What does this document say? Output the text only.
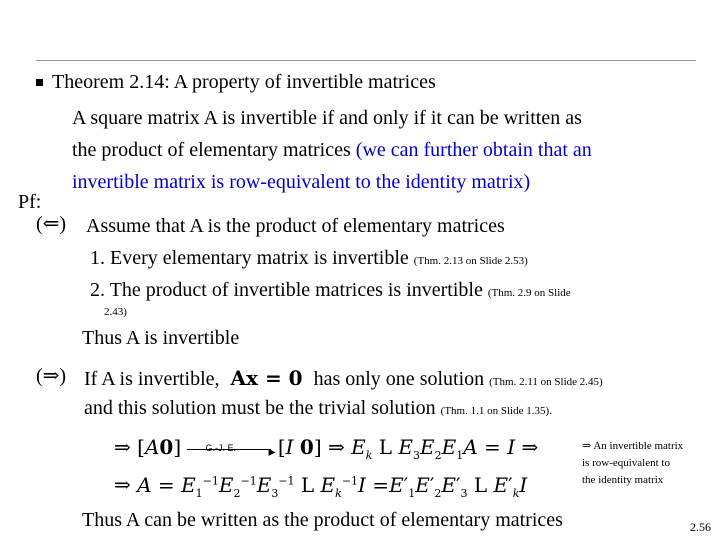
Theorem 2.14: A property of invertible matrices
A square matrix A is invertible if and only if it can be written as
the product of elementary matrices (we can further obtain that an
invertible matrix is row-equivalent to the identity matrix)
Pf:
(⇐) Assume that A is the product of elementary matrices
1. Every elementary matrix is invertible (Thm. 2.13 on Slide 2.53)
2. The product of invertible matrices is invertible (Thm. 2.9 on Slide
2.43)
Thus A is invertible
(⇒) If A is invertible, Ax = 0 has only one solution (Thm. 2.11 on Slide 2.45)
and this solution must be the trivial solution (Thm. 1.1 on Slide 1.35).
⇒ [A0]	G.-J. E. ▸ [I 0] ⇒ $E_k$ L $E_3E_2E_1A = I$ ⇒
⇒ $A = E_1^{-1}E_2^{-1}E_3^{-1}$ L $E_k^{-1}I =E'_1E'_2E'_3$ L $E'_kI$
⇒ An invertible matrix
is row-equivalent to
the identity matrix
Thus A can be written as the product of elementary matrices	2.56
